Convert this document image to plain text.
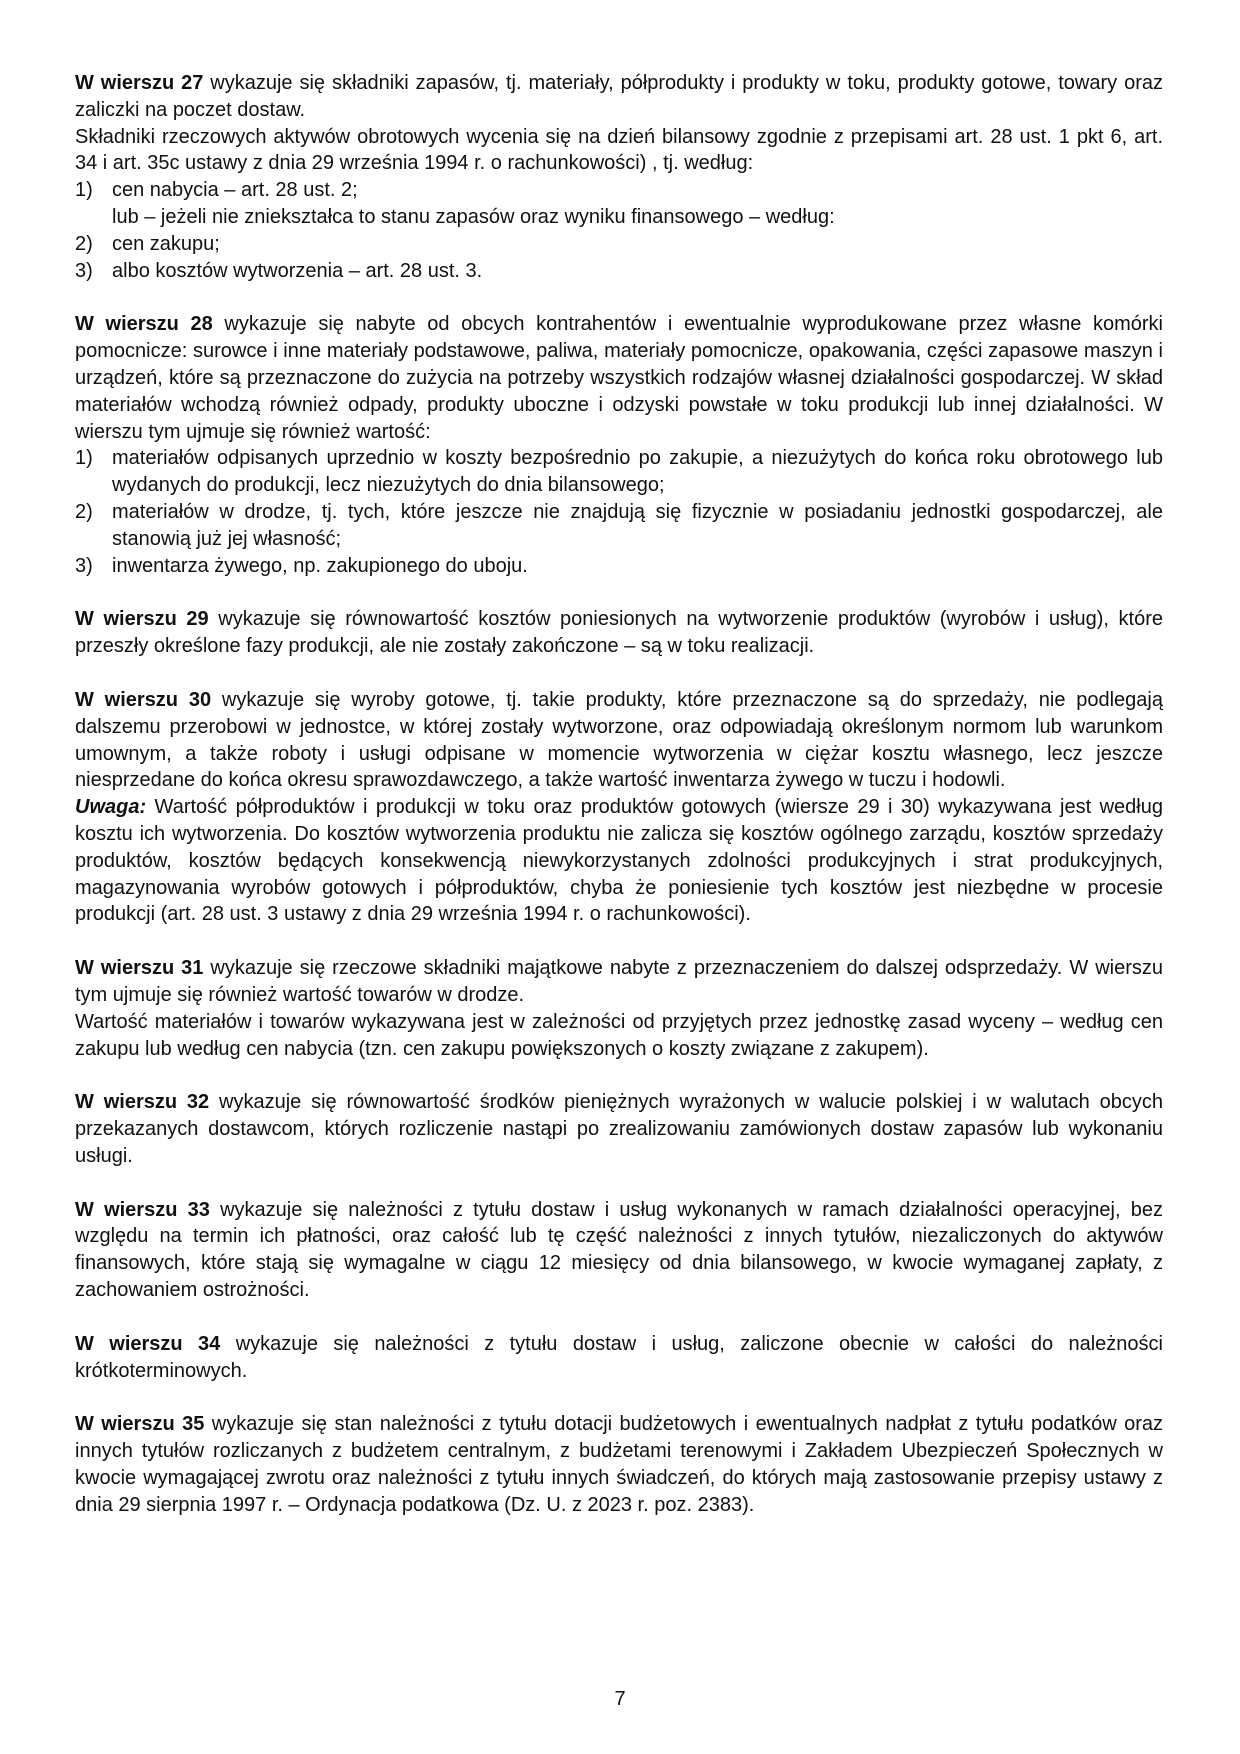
W wierszu 27 wykazuje się składniki zapasów, tj. materiały, półprodukty i produkty w toku, produkty gotowe, towary oraz zaliczki na poczet dostaw.

Składniki rzeczowych aktywów obrotowych wycenia się na dzień bilansowy zgodnie z przepisami art. 28 ust. 1 pkt 6, art. 34 i art. 35c ustawy z dnia 29 września 1994 r. o rachunkowości) , tj. według:

1) cen nabycia – art. 28 ust. 2;

lub – jeżeli nie zniekształca to stanu zapasów oraz wyniku finansowego – według:

2) cen zakupu;
3) albo kosztów wytworzenia – art. 28 ust. 3.

W wierszu 28 wykazuje się nabyte od obcych kontrahentów i ewentualnie wyprodukowane przez własne komórki pomocnicze: surowce i inne materiały podstawowe, paliwa, materiały pomocnicze, opakowania, części zapasowe maszyn i urządzeń, które są przeznaczone do zużycia na potrzeby wszystkich rodzajów własnej działalności gospodarczej. W skład materiałów wchodzą również odpady, produkty uboczne i odzyski powstałe w toku produkcji lub innej działalności. W wierszu tym ujmuje się również wartość:

1) materiałów odpisanych uprzednio w koszty bezpośrednio po zakupie, a niezużytych do końca roku obrotowego lub wydanych do produkcji, lecz niezużytych do dnia bilansowego;
2) materiałów w drodze, tj. tych, które jeszcze nie znajdują się fizycznie w posiadaniu jednostki gospodarczej, ale stanowią już jej własność;
3) inwentarza żywego, np. zakupionego do uboju.

W wierszu 29 wykazuje się równowartość kosztów poniesionych na wytworzenie produktów (wyrobów i usług), które przeszły określone fazy produkcji, ale nie zostały zakończone – są w toku realizacji.

W wierszu 30 wykazuje się wyroby gotowe, tj. takie produkty, które przeznaczone są do sprzedaży, nie podlegają dalszemu przerobowi w jednostce, w której zostały wytworzone, oraz odpowiadają określonym normom lub warunkom umownym, a także roboty i usługi odpisane w momencie wytworzenia w ciężar kosztu własnego, lecz jeszcze niesprzedane do końca okresu sprawozdawczego, a także wartość inwentarza żywego w tuczu i hodowli.

Uwaga: Wartość półproduktów i produkcji w toku oraz produktów gotowych (wiersze 29 i 30) wykazywana jest według kosztu ich wytworzenia. Do kosztów wytworzenia produktu nie zalicza się kosztów ogólnego zarządu, kosztów sprzedaży produktów, kosztów będących konsekwencją niewykorzystanych zdolności produkcyjnych i strat produkcyjnych, magazynowania wyrobów gotowych i półproduktów, chyba że poniesienie tych kosztów jest niezbędne w procesie produkcji (art. 28 ust. 3 ustawy z dnia 29 września 1994 r. o rachunkowości).

W wierszu 31 wykazuje się rzeczowe składniki majątkowe nabyte z przeznaczeniem do dalszej odsprzedaży. W wierszu tym ujmuje się również wartość towarów w drodze.

Wartość materiałów i towarów wykazywana jest w zależności od przyjętych przez jednostkę zasad wyceny – według cen zakupu lub według cen nabycia (tzn. cen zakupu powiększonych o koszty związane z zakupem).

W wierszu 32 wykazuje się równowartość środków pieniężnych wyrażonych w walucie polskiej i w walutach obcych przekazanych dostawcom, których rozliczenie nastąpi po zrealizowaniu zamówionych dostaw zapasów lub wykonaniu usługi.

W wierszu 33 wykazuje się należności z tytułu dostaw i usług wykonanych w ramach działalności operacyjnej, bez względu na termin ich płatności, oraz całość lub tę część należności z innych tytułów, niezaliczonych do aktywów finansowych, które stają się wymagalne w ciągu 12 miesięcy od dnia bilansowego, w kwocie wymaganej zapłaty, z zachowaniem ostrożności.

W wierszu 34 wykazuje się należności z tytułu dostaw i usług, zaliczone obecnie w całości do należności krótkoterminowych.

W wierszu 35 wykazuje się stan należności z tytułu dotacji budżetowych i ewentualnych nadpłat z tytułu podatków oraz innych tytułów rozliczanych z budżetem centralnym, z budżetami terenowymi i Zakładem Ubezpieczeń Społecznych w kwocie wymagającej zwrotu oraz należności z tytułu innych świadczeń, do których mają zastosowanie przepisy ustawy z dnia 29 sierpnia 1997 r. – Ordynacja podatkowa (Dz. U. z 2023 r. poz. 2383).

7
